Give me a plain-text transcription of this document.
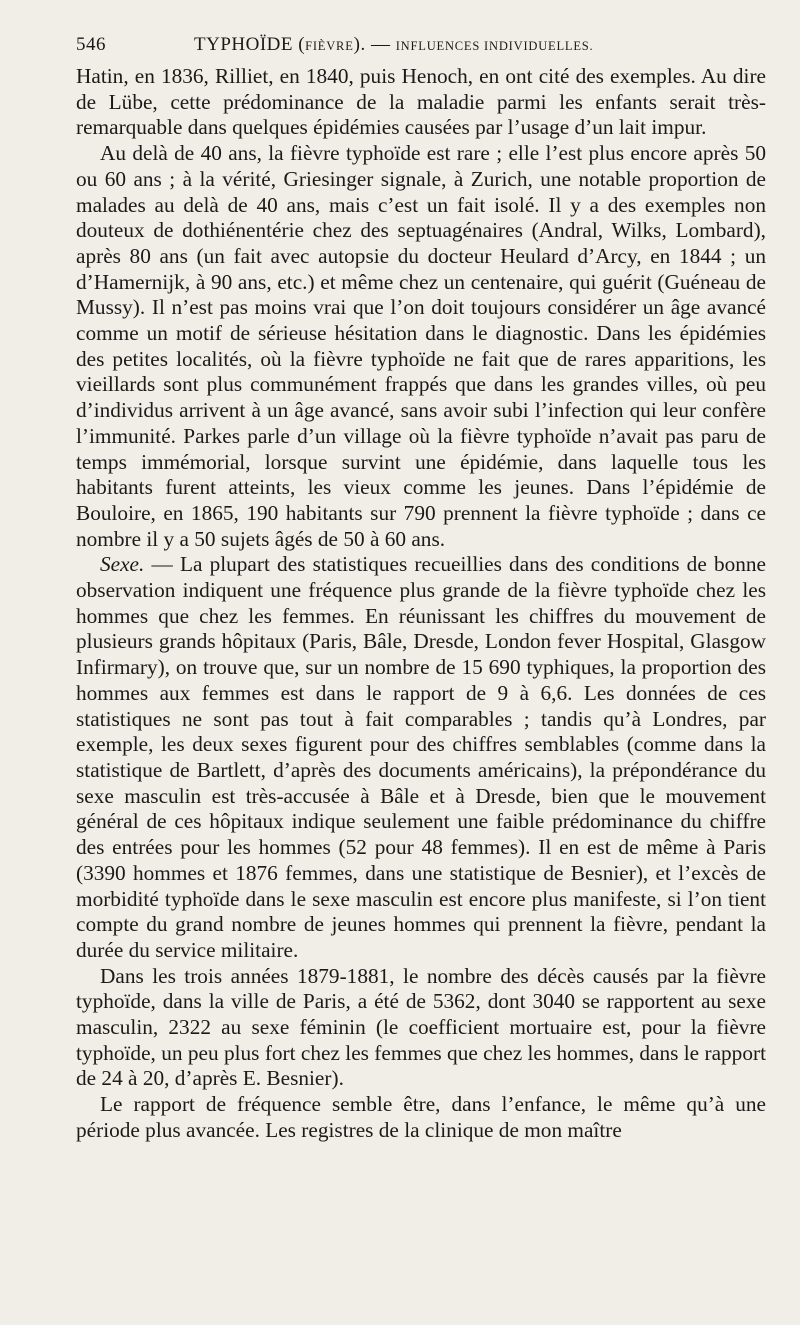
546	TYPHOÏDE (FIÈVRE). — INFLUENCES INDIVIDUELLES.

Hatin, en 1836, Rilliet, en 1840, puis Henoch, en ont cité des exemples. Au dire de Lübe, cette prédominance de la maladie parmi les enfants serait très-remarquable dans quelques épidémies causées par l’usage d’un lait impur.

Au delà de 40 ans, la fièvre typhoïde est rare ; elle l’est plus encore après 50 ou 60 ans ; à la vérité, Griesinger signale, à Zurich, une notable proportion de malades au delà de 40 ans, mais c’est un fait isolé. Il y a des exemples non douteux de dothiénentérie chez des septuagénaires (Andral, Wilks, Lombard), après 80 ans (un fait avec autopsie du docteur Heulard d’Arcy, en 1844 ; un d’Hamernijk, à 90 ans, etc.) et même chez un centenaire, qui guérit (Guéneau de Mussy). Il n’est pas moins vrai que l’on doit toujours considérer un âge avancé comme un motif de sérieuse hésitation dans le diagnostic. Dans les épidémies des petites localités, où la fièvre typhoïde ne fait que de rares apparitions, les vieillards sont plus communément frappés que dans les grandes villes, où peu d’individus arrivent à un âge avancé, sans avoir subi l’infection qui leur confère l’immunité. Parkes parle d’un village où la fièvre typhoïde n’avait pas paru de temps immémorial, lorsque survint une épidémie, dans laquelle tous les habitants furent atteints, les vieux comme les jeunes. Dans l’épidémie de Bouloire, en 1865, 190 habitants sur 790 prennent la fièvre typhoïde ; dans ce nombre il y a 50 sujets âgés de 50 à 60 ans.

Sexe. — La plupart des statistiques recueillies dans des conditions de bonne observation indiquent une fréquence plus grande de la fièvre typhoïde chez les hommes que chez les femmes. En réunissant les chiffres du mouvement de plusieurs grands hôpitaux (Paris, Bâle, Dresde, London fever Hospital, Glasgow Infirmary), on trouve que, sur un nombre de 15 690 typhiques, la proportion des hommes aux femmes est dans le rapport de 9 à 6,6. Les données de ces statistiques ne sont pas tout à fait comparables ; tandis qu’à Londres, par exemple, les deux sexes figurent pour des chiffres semblables (comme dans la statistique de Bartlett, d’après des documents américains), la prépondérance du sexe masculin est très-accusée à Bâle et à Dresde, bien que le mouvement général de ces hôpitaux indique seulement une faible prédominance du chiffre des entrées pour les hommes (52 pour 48 femmes). Il en est de même à Paris (3390 hommes et 1876 femmes, dans une statistique de Besnier), et l’excès de morbidité typhoïde dans le sexe masculin est encore plus manifeste, si l’on tient compte du grand nombre de jeunes hommes qui prennent la fièvre, pendant la durée du service militaire.

Dans les trois années 1879-1881, le nombre des décès causés par la fièvre typhoïde, dans la ville de Paris, a été de 5362, dont 3040 se rapportent au sexe masculin, 2322 au sexe féminin (le coefficient mortuaire est, pour la fièvre typhoïde, un peu plus fort chez les femmes que chez les hommes, dans le rapport de 24 à 20, d’après E. Besnier).

Le rapport de fréquence semble être, dans l’enfance, le même qu’à une période plus avancée. Les registres de la clinique de mon maître
